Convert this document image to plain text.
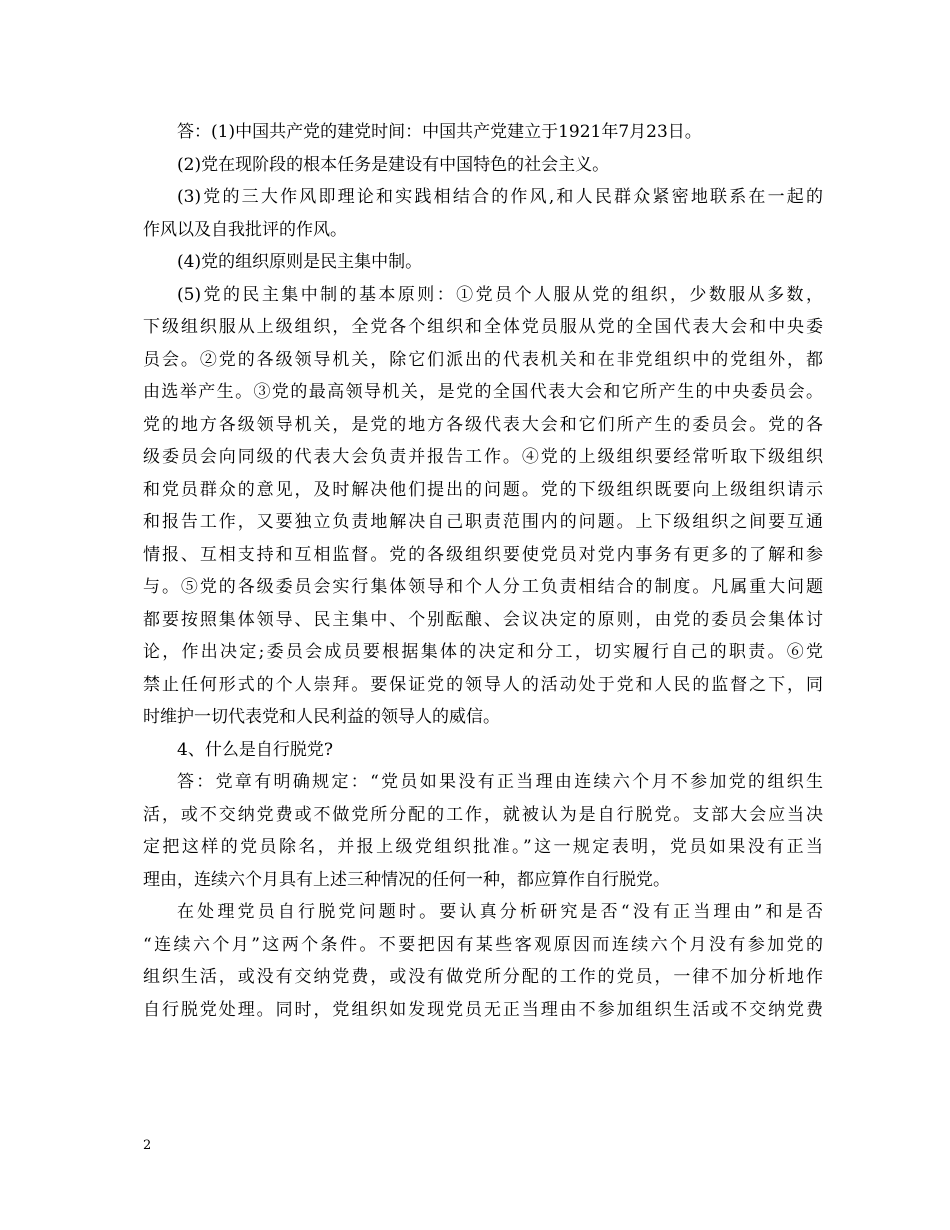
答：(1)中国共产党的建党时间：中国共产党建立于1921年7月23日。
(2)党在现阶段的根本任务是建设有中国特色的社会主义。
(3)党的三大作风即理论和实践相结合的作风,和人民群众紧密地联系在一起的
作风以及自我批评的作风。
(4)党的组织原则是民主集中制。
(5)党的民主集中制的基本原则：①党员个人服从党的组织，少数服从多数，
下级组织服从上级组织，全党各个组织和全体党员服从党的全国代表大会和中央委
员会。②党的各级领导机关，除它们派出的代表机关和在非党组织中的党组外，都
由选举产生。③党的最高领导机关，是党的全国代表大会和它所产生的中央委员会。
党的地方各级领导机关，是党的地方各级代表大会和它们所产生的委员会。党的各
级委员会向同级的代表大会负责并报告工作。④党的上级组织要经常听取下级组织
和党员群众的意见，及时解决他们提出的问题。党的下级组织既要向上级组织请示
和报告工作，又要独立负责地解决自己职责范围内的问题。上下级组织之间要互通
情报、互相支持和互相监督。党的各级组织要使党员对党内事务有更多的了解和参
与。⑤党的各级委员会实行集体领导和个人分工负责相结合的制度。凡属重大问题
都要按照集体领导、民主集中、个别酝酿、会议决定的原则，由党的委员会集体讨
论，作出决定;委员会成员要根据集体的决定和分工，切实履行自己的职责。⑥党
禁止任何形式的个人崇拜。要保证党的领导人的活动处于党和人民的监督之下，同
时维护一切代表党和人民利益的领导人的威信。
4、什么是自行脱党?
答：党章有明确规定：“党员如果没有正当理由连续六个月不参加党的组织生
活，或不交纳党费或不做党所分配的工作，就被认为是自行脱党。支部大会应当决
定把这样的党员除名，并报上级党组织批准。”这一规定表明，党员如果没有正当
理由，连续六个月具有上述三种情况的任何一种，都应算作自行脱党。
在处理党员自行脱党问题时。要认真分析研究是否“没有正当理由”和是否
“连续六个月”这两个条件。不要把因有某些客观原因而连续六个月没有参加党的
组织生活，或没有交纳党费，或没有做党所分配的工作的党员，一律不加分析地作
自行脱党处理。同时，党组织如发现党员无正当理由不参加组织生活或不交纳党费
2
